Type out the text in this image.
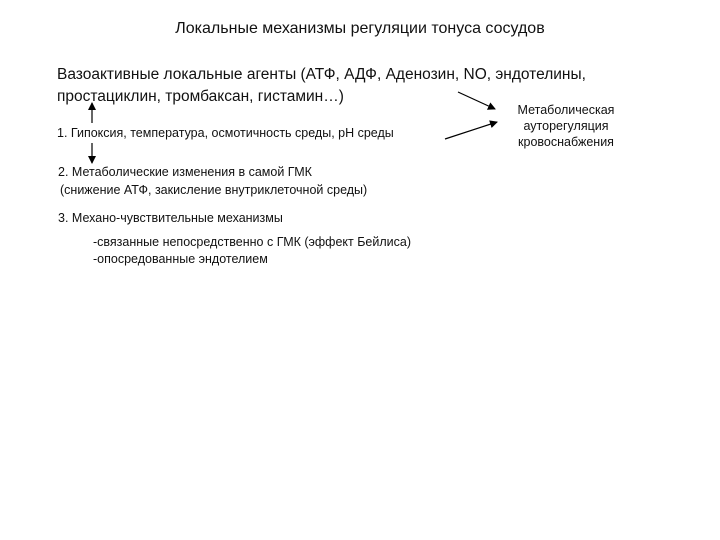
Локальные механизмы регуляции тонуса сосудов
Вазоактивные локальные агенты (АТФ, АДФ, Аденозин, NO, эндотелины,
простациклин, тромбаксан, гистамин…)
Метаболическая
ауторегуляция
кровоснабжения
1. Гипоксия, температура, осмотичность среды, рН среды
2. Метаболические изменения в самой ГМК
(снижение АТФ, закисление внутриклеточной среды)
3. Механо-чувствительные механизмы
-связанные непосредственно с ГМК (эффект Бейлиса)
-опосредованные эндотелием
